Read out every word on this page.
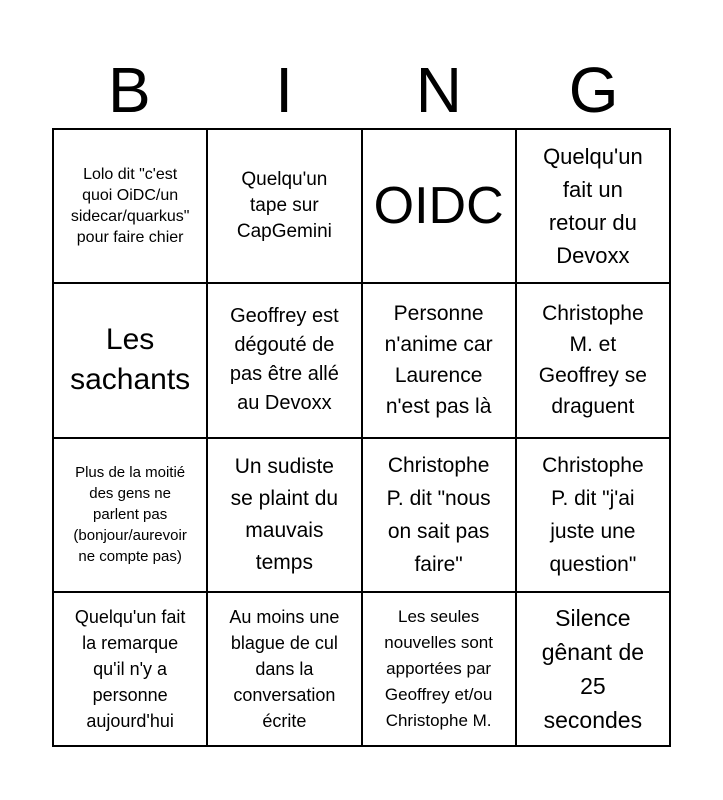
B	I	N	G
Lolo dit "c'est
quoi OiDC/un
sidecar/quarkus"
pour faire chier
Quelqu'un
tape sur
CapGemini OIDC
Quelqu'un
fait un
retour du
Devoxx
Les
sachants
Geoffrey est
dégouté de
pas être allé
au Devoxx
Personne
n'anime car
Laurence
n'est pas là
Christophe
M. et
Geoffrey se
draguent
Plus de la moitié
des gens ne
parlent pas
(bonjour/aurevoir
ne compte pas)
Un sudiste
se plaint du
mauvais
temps
Christophe
P. dit "nous
on sait pas
faire"
Christophe
P. dit "j'ai
juste une
question"
Quelqu'un fait
la remarque
qu'il n'y a
personne
aujourd'hui
Au moins une
blague de cul
dans la
conversation
écrite
Les seules
nouvelles sont
apportées par
Geoffrey et/ou
Christophe M.
Silence
gênant de
25
secondes
